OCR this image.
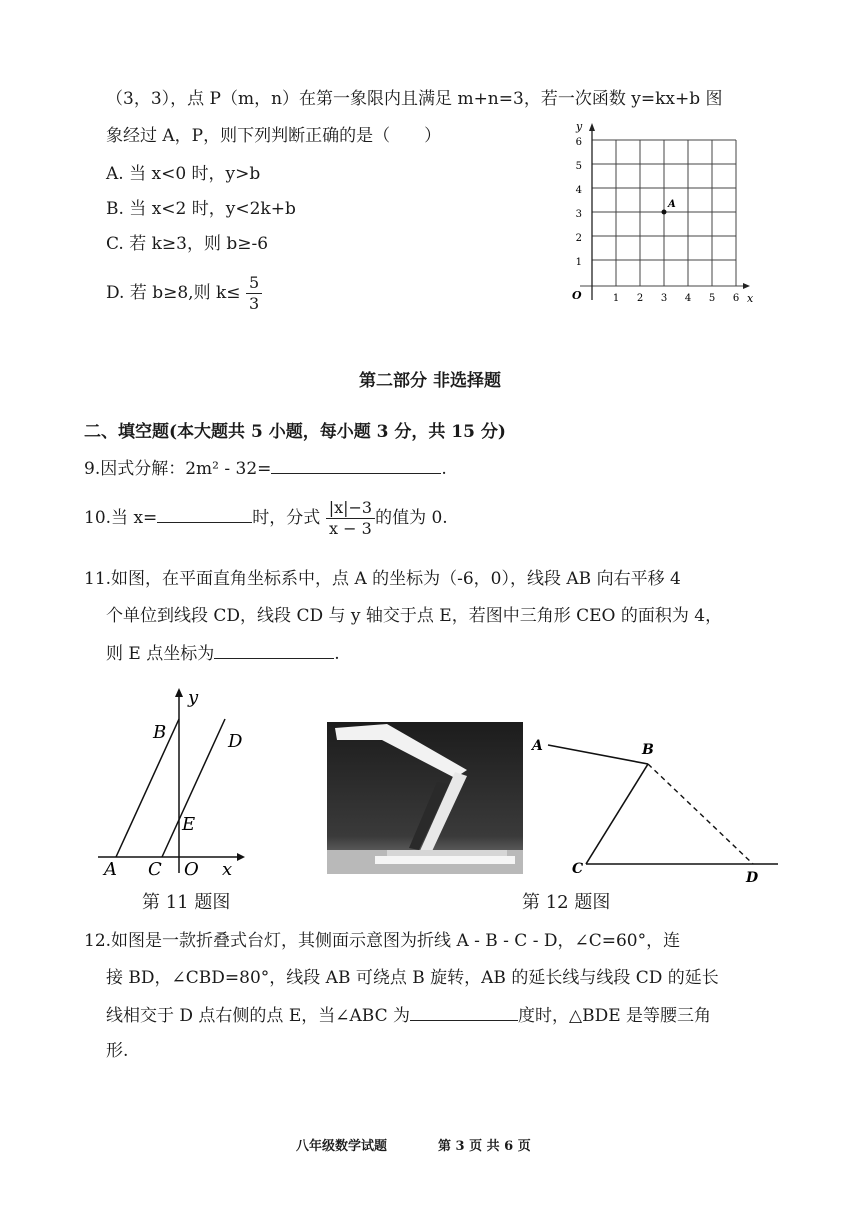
（3，3），点 P（m，n）在第一象限内且满足 m+n=3，若一次函数 y=kx+b 图
象经过 A，P，则下列判断正确的是（　　）
A. 当 x<0 时，y>b
B. 当 x<2 时，y<2k+b
C. 若 k≥3，则 b≥-6
D. 若 b≥8,则 $k\le \frac{5}{3}$
y
x
O	1 2 3 4 5 6
1
2
3
4
5
6
A
第二部分 非选择题
二、填空题(本大题共 5 小题，每小题 3 分，共 15 分)
9.因式分解：2m² - 32=	.
10.当 x=	时，分式 $\frac{|x|-3}{x - 3}$ 的值为 0.
11.如图，在平面直角坐标系中，点 A 的坐标为（-6，0），线段 AB 向右平移 4
个单位到线段 CD，线段 CD 与 y 轴交于点 E，若图中三角形 CEO 的面积为 4，
则 E 点坐标为	.
y
B	D
E
A C O x
第 11 题图
A	B
C
D
第 12 题图
12.如图是一款折叠式台灯，其侧面示意图为折线 A - B - C - D，∠C=60°，连
接 BD，∠CBD=80°，线段 AB 可绕点 B 旋转，AB 的延长线与线段 CD 的延长
线相交于 D 点右侧的点 E，当∠ABC 为	度时，△BDE 是等腰三角
形.
八年级数学试题	第 3 页 共 6 页
